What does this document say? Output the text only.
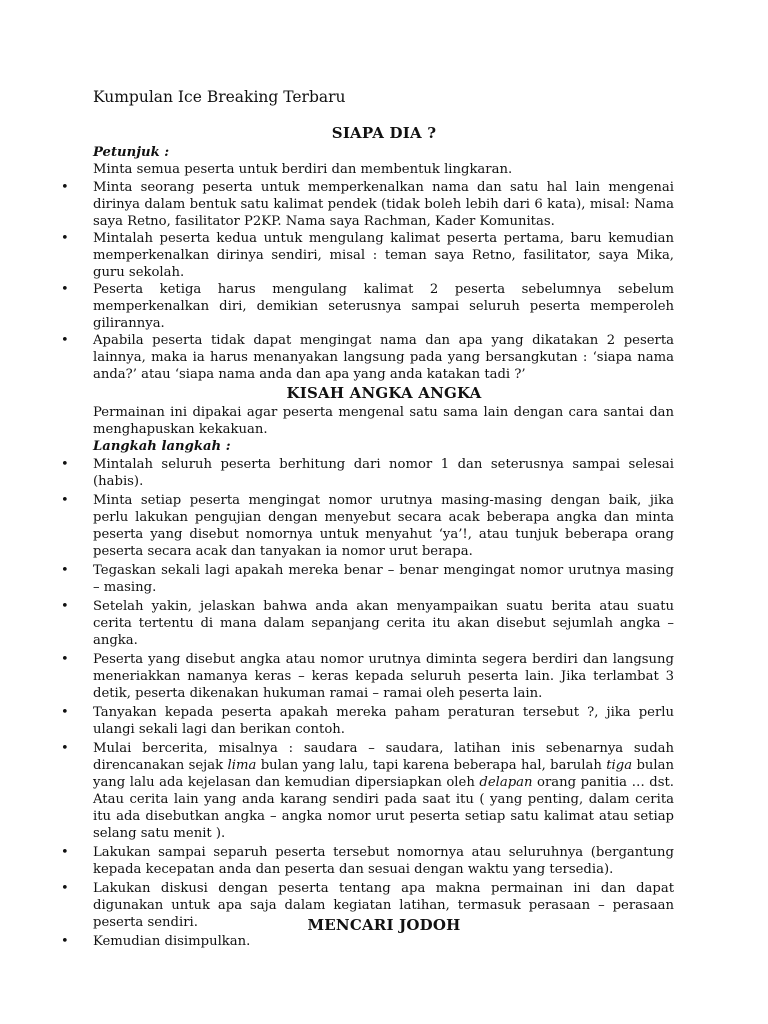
Kumpulan Ice Breaking Terbaru
SIAPA DIA ?
Petunjuk :
Minta semua peserta untuk berdiri dan membentuk lingkaran.
• Minta seorang peserta untuk memperkenalkan nama dan satu hal lain mengenai dirinya dalam bentuk satu kalimat pendek (tidak boleh lebih dari 6 kata), misal: Nama saya Retno, fasilitator P2KP. Nama saya Rachman, Kader Komunitas.
• Mintalah peserta kedua untuk mengulang kalimat peserta pertama, baru kemudian memperkenalkan dirinya sendiri, misal : teman saya Retno, fasilitator, saya Mika, guru sekolah.
• Peserta ketiga harus mengulang kalimat 2 peserta sebelumnya sebelum memperkenalkan diri, demikian seterusnya sampai seluruh peserta memperoleh gilirannya.
• Apabila peserta tidak dapat mengingat nama dan apa yang dikatakan 2 peserta lainnya, maka ia harus menanyakan langsung pada yang bersangkutan : ‘siapa nama anda?’ atau ‘siapa nama anda dan apa yang anda katakan tadi ?’
KISAH ANGKA ANGKA
Permainan ini dipakai agar peserta mengenal satu sama lain dengan cara santai dan menghapuskan kekakuan.
Langkah langkah :
• Mintalah seluruh peserta berhitung dari nomor 1 dan seterusnya sampai selesai (habis).
• Minta setiap peserta mengingat nomor urutnya masing-masing dengan baik, jika perlu lakukan pengujian dengan menyebut secara acak beberapa angka dan minta peserta yang disebut nomornya untuk menyahut ‘ya’!, atau tunjuk beberapa orang peserta secara acak dan tanyakan ia nomor urut berapa.
• Tegaskan sekali lagi apakah mereka benar – benar mengingat nomor urutnya masing – masing.
• Setelah yakin, jelaskan bahwa anda akan menyampaikan suatu berita atau suatu cerita tertentu di mana dalam sepanjang cerita itu akan disebut sejumlah angka – angka.
• Peserta yang disebut angka atau nomor urutnya diminta segera berdiri dan langsung meneriakkan namanya keras – keras kepada seluruh peserta lain. Jika terlambat 3 detik, peserta dikenakan hukuman ramai – ramai oleh peserta lain.
• Tanyakan kepada peserta apakah mereka paham peraturan tersebut ?, jika perlu ulangi sekali lagi dan berikan contoh.
• Mulai bercerita, misalnya : saudara – saudara, latihan inis sebenarnya sudah direncanakan sejak lima bulan yang lalu, tapi karena beberapa hal, barulah tiga bulan yang lalu ada kejelasan dan kemudian dipersiapkan oleh delapan orang panitia … dst. Atau cerita lain yang anda karang sendiri pada saat itu ( yang penting, dalam cerita itu ada disebutkan angka – angka nomor urut peserta setiap satu kalimat atau setiap selang satu menit ).
• Lakukan sampai separuh peserta tersebut nomornya atau seluruhnya (bergantung kepada kecepatan anda dan peserta dan sesuai dengan waktu yang tersedia).
• Lakukan diskusi dengan peserta tentang apa makna permainan ini dan dapat digunakan untuk apa saja dalam kegiatan latihan, termasuk perasaan – perasaan peserta sendiri.
• Kemudian disimpulkan.
MENCARI JODOH
